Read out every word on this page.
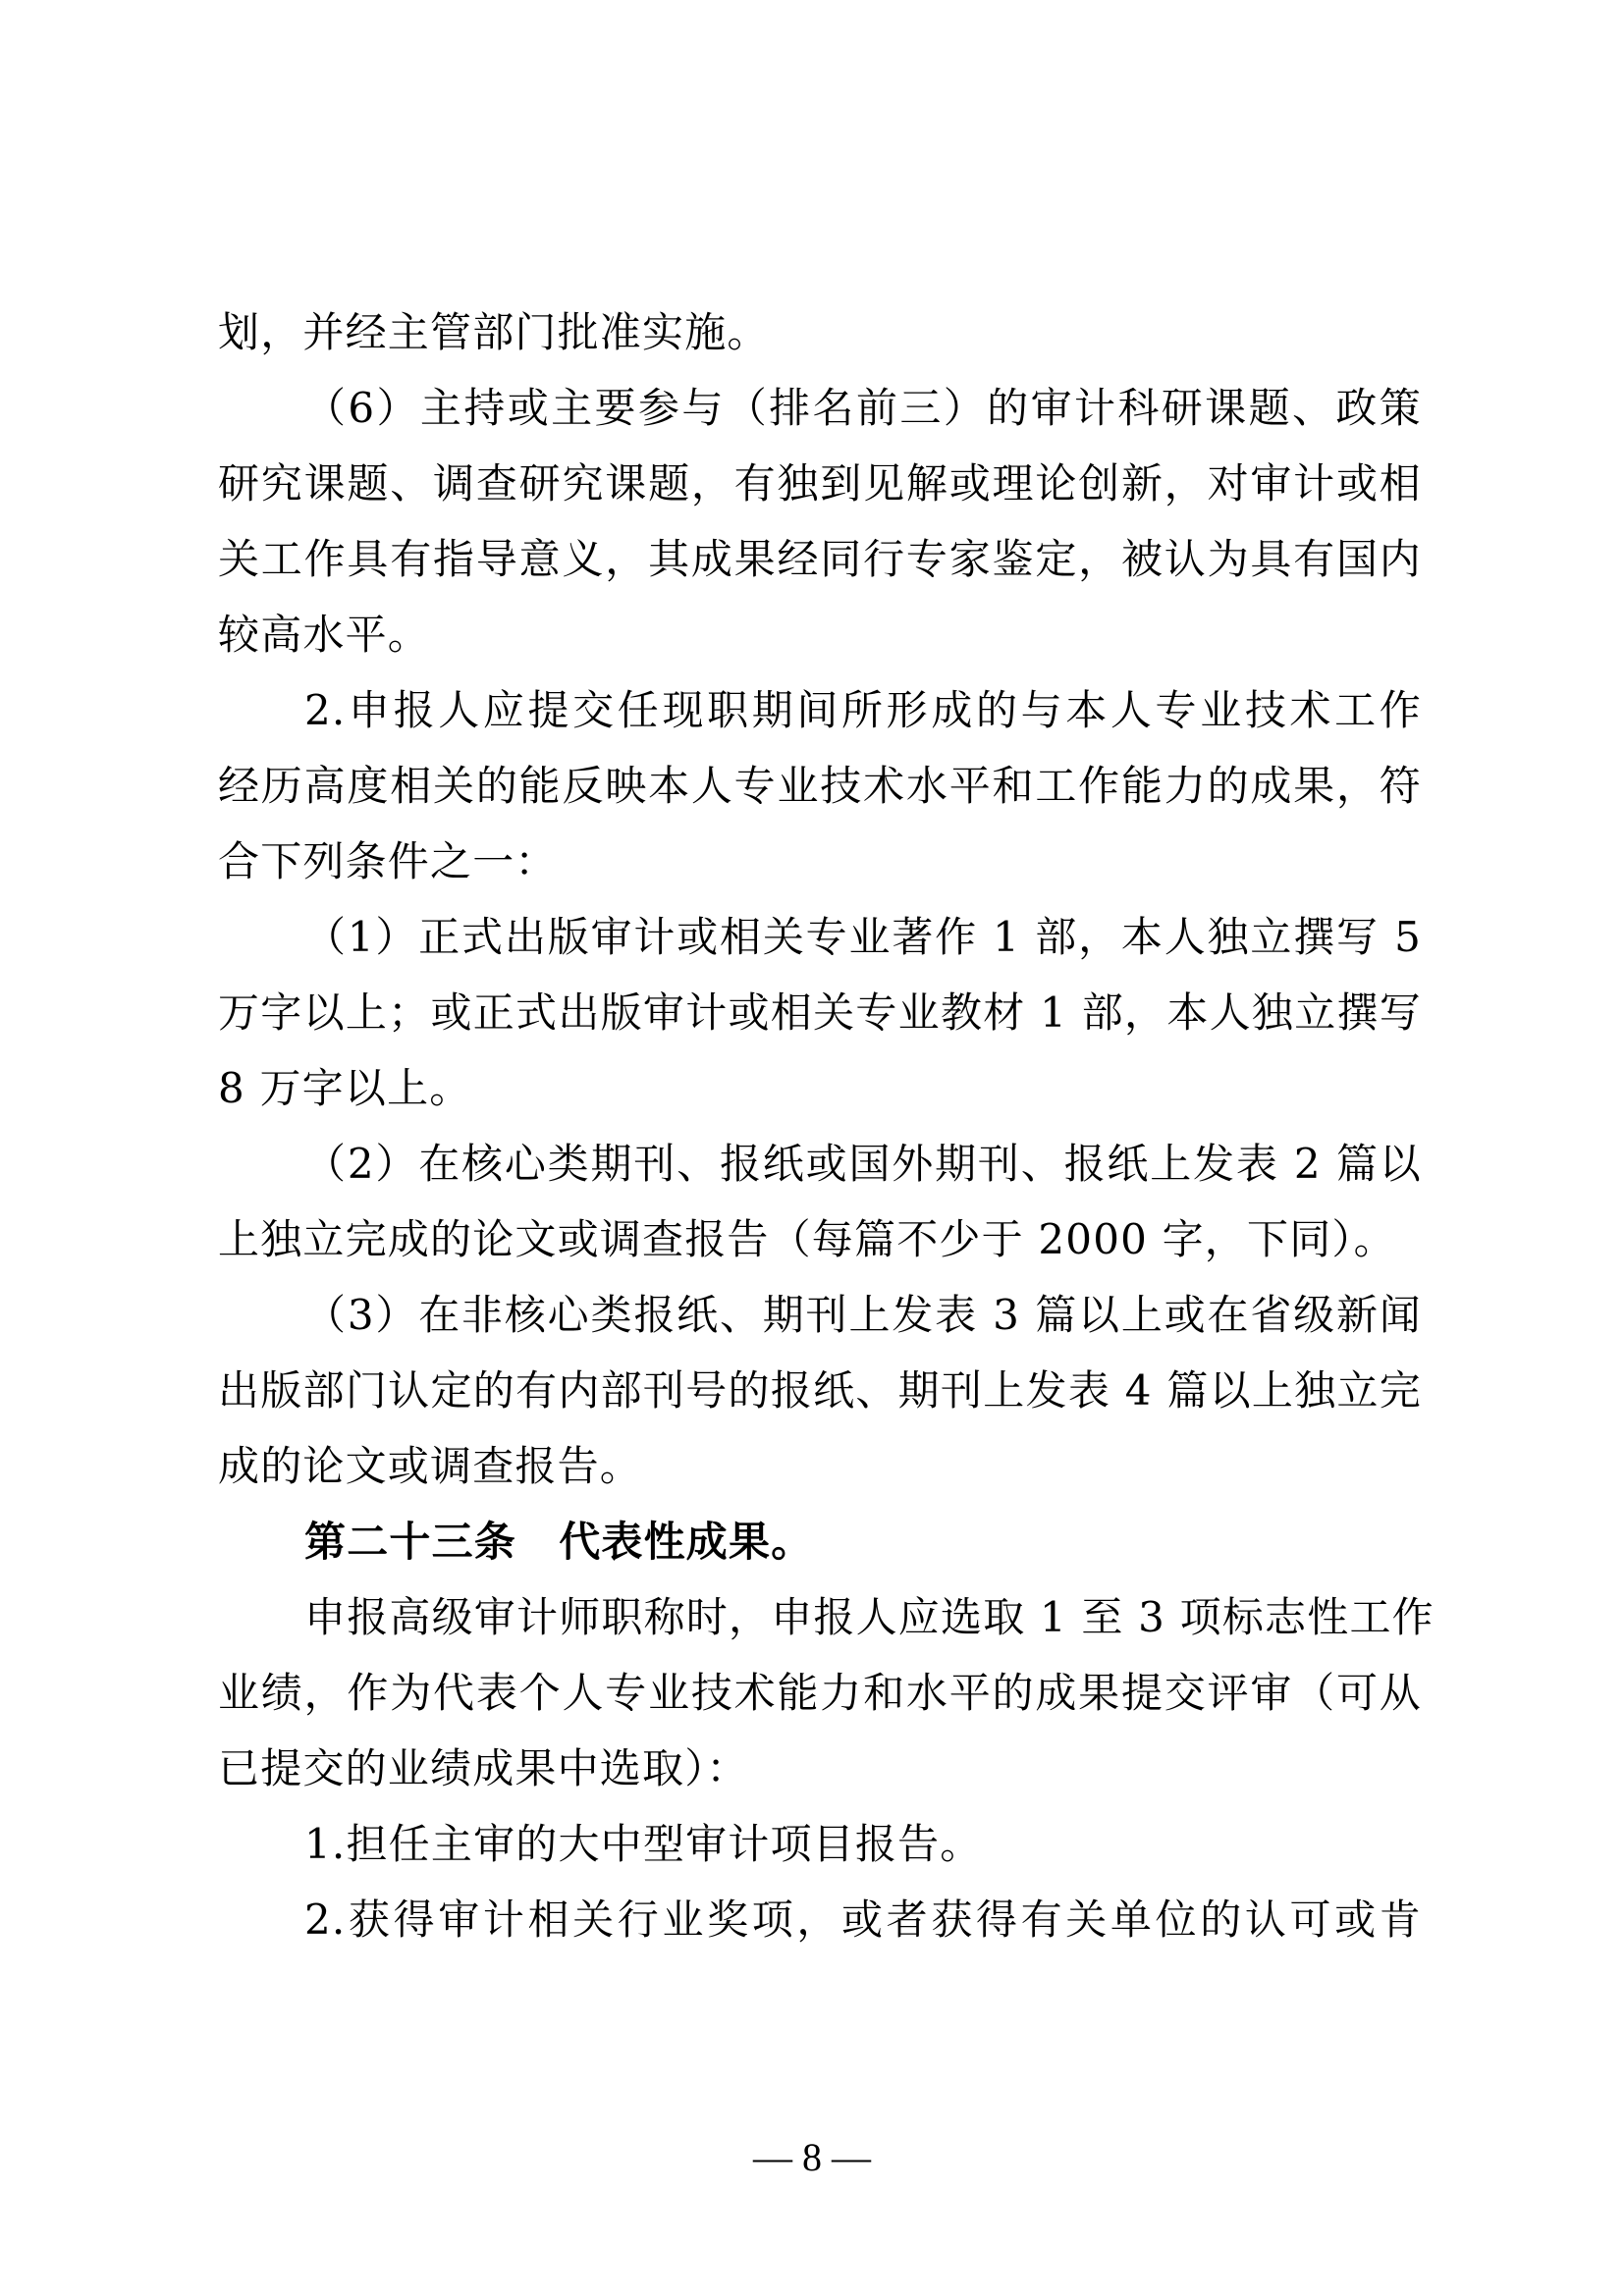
划，并经主管部门批准实施。
（6）主持或主要参与（排名前三）的审计科研课题、政策
研究课题、调查研究课题，有独到见解或理论创新，对审计或相
关工作具有指导意义，其成果经同行专家鉴定，被认为具有国内
较高水平。
2.申报人应提交任现职期间所形成的与本人专业技术工作
经历高度相关的能反映本人专业技术水平和工作能力的成果，符
合下列条件之一：
（1）正式出版审计或相关专业著作 1 部，本人独立撰写 5
万字以上；或正式出版审计或相关专业教材 1 部，本人独立撰写
8 万字以上。
（2）在核心类期刊、报纸或国外期刊、报纸上发表 2 篇以
上独立完成的论文或调查报告（每篇不少于 2000 字，下同）。
（3）在非核心类报纸、期刊上发表 3 篇以上或在省级新闻
出版部门认定的有内部刊号的报纸、期刊上发表 4 篇以上独立完
成的论文或调查报告。
第二十三条　代表性成果。
申报高级审计师职称时，申报人应选取 1 至 3 项标志性工作
业绩，作为代表个人专业技术能力和水平的成果提交评审（可从
已提交的业绩成果中选取）：
1.担任主审的大中型审计项目报告。
2.获得审计相关行业奖项，或者获得有关单位的认可或肯
— 8 —
